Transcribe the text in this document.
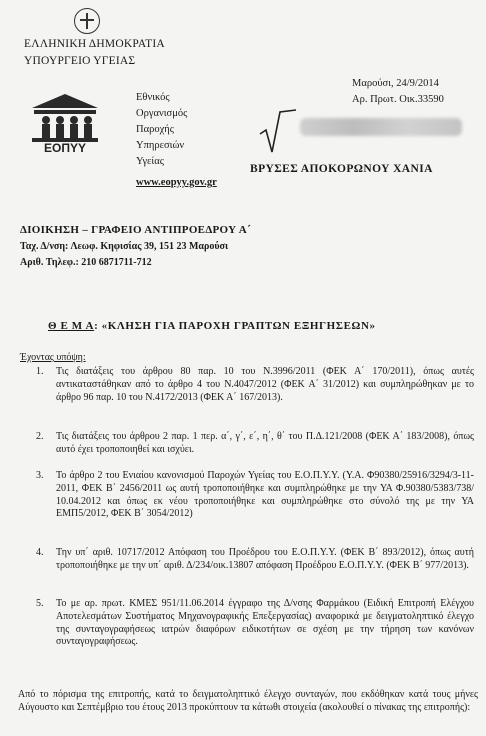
ΕΛΛΗΝΙΚΗ ΔΗΜΟΚΡΑΤΙΑ
ΥΠΟΥΡΓΕΙΟ ΥΓΕΙΑΣ
ΕΟΠΥΥ
Εθνικός
Οργανισμός
Παροχής
Υπηρεσιών
Υγείας
www.eopyy.gov.gr
Μαρούσι, 24/9/2014
Αρ. Πρωτ. Οικ.33590
ΒΡΥΣΕΣ ΑΠΟΚΟΡΩΝΟΥ ΧΑΝΙΑ
ΔΙΟΙΚΗΣΗ – ΓΡΑΦΕΙΟ ΑΝΤΙΠΡΟΕΔΡΟΥ Α΄
Ταχ. Δ/νση: Λεωφ. Κηφισίας 39, 151 23 Μαρούσι
Αριθ. Τηλεφ.: 210 6871711-712
Θ Ε Μ Α: «ΚΛΗΣΗ ΓΙΑ ΠΑΡΟΧΗ ΓΡΑΠΤΩΝ ΕΞΗΓΗΣΕΩΝ»
Έχοντας υπόψη:
1. Τις διατάξεις του άρθρου 80 παρ. 10 του Ν.3996/2011 (ΦΕΚ Α΄ 170/2011), όπως αυτές αντικαταστάθηκαν από το άρθρο 4 του Ν.4047/2012 (ΦΕΚ Α΄ 31/2012) και συμπληρώθηκαν με το άρθρο 96 παρ. 10 του Ν.4172/2013 (ΦΕΚ Α΄ 167/2013).
2. Τις διατάξεις του άρθρου 2 παρ. 1 περ. α΄, γ΄, ε΄, η΄, θ΄ του Π.Δ.121/2008 (ΦΕΚ Α΄ 183/2008), όπως αυτό έχει τροποποιηθεί και ισχύει.
3. Το άρθρο 2 του Ενιαίου κανονισμού Παροχών Υγείας του Ε.Ο.Π.Υ.Υ. (Υ.Α. Φ90380/25916/3294/3-11-2011, ΦΕΚ Β΄ 2456/2011 ως αυτή τροποποιήθηκε και συμπληρώθηκε με την ΥΑ Φ.90380/5383/738/ 10.04.2012 και όπως εκ νέου τροποποιήθηκε και συμπληρώθηκε στο σύνολό της με την ΥΑ ΕΜΠ5/2012, ΦΕΚ Β΄ 3054/2012)
4. Την υπ΄ αριθ. 10717/2012 Απόφαση του Προέδρου του Ε.Ο.Π.Υ.Υ. (ΦΕΚ Β΄ 893/2012), όπως αυτή τροποποιήθηκε με την υπ΄ αριθ. Δ/234/οικ.13807 απόφαση Προέδρου Ε.Ο.Π.Υ.Υ. (ΦΕΚ Β΄ 977/2013).
5. Το με αρ. πρωτ. ΚΜΕΣ 951/11.06.2014 έγγραφο της Δ/νσης Φαρμάκου (Ειδική Επιτροπή Ελέγχου Αποτελεσμάτων Συστήματος Μηχανογραφικής Επεξεργασίας) αναφορικά με δειγματοληπτικό έλεγχο της συνταγογραφήσεως ιατρών διαφόρων ειδικοτήτων σε σχέση με την τήρηση των κανόνων συνταγογραφήσεως.
Από το πόρισμα της επιτροπής, κατά το δειγματοληπτικό έλεγχο συνταγών, που εκδόθηκαν κατά τους μήνες Αύγουστο και Σεπτέμβριο του έτους 2013 προκύπτουν τα κάτωθι στοιχεία (ακολουθεί ο πίνακας της επιτροπής):
